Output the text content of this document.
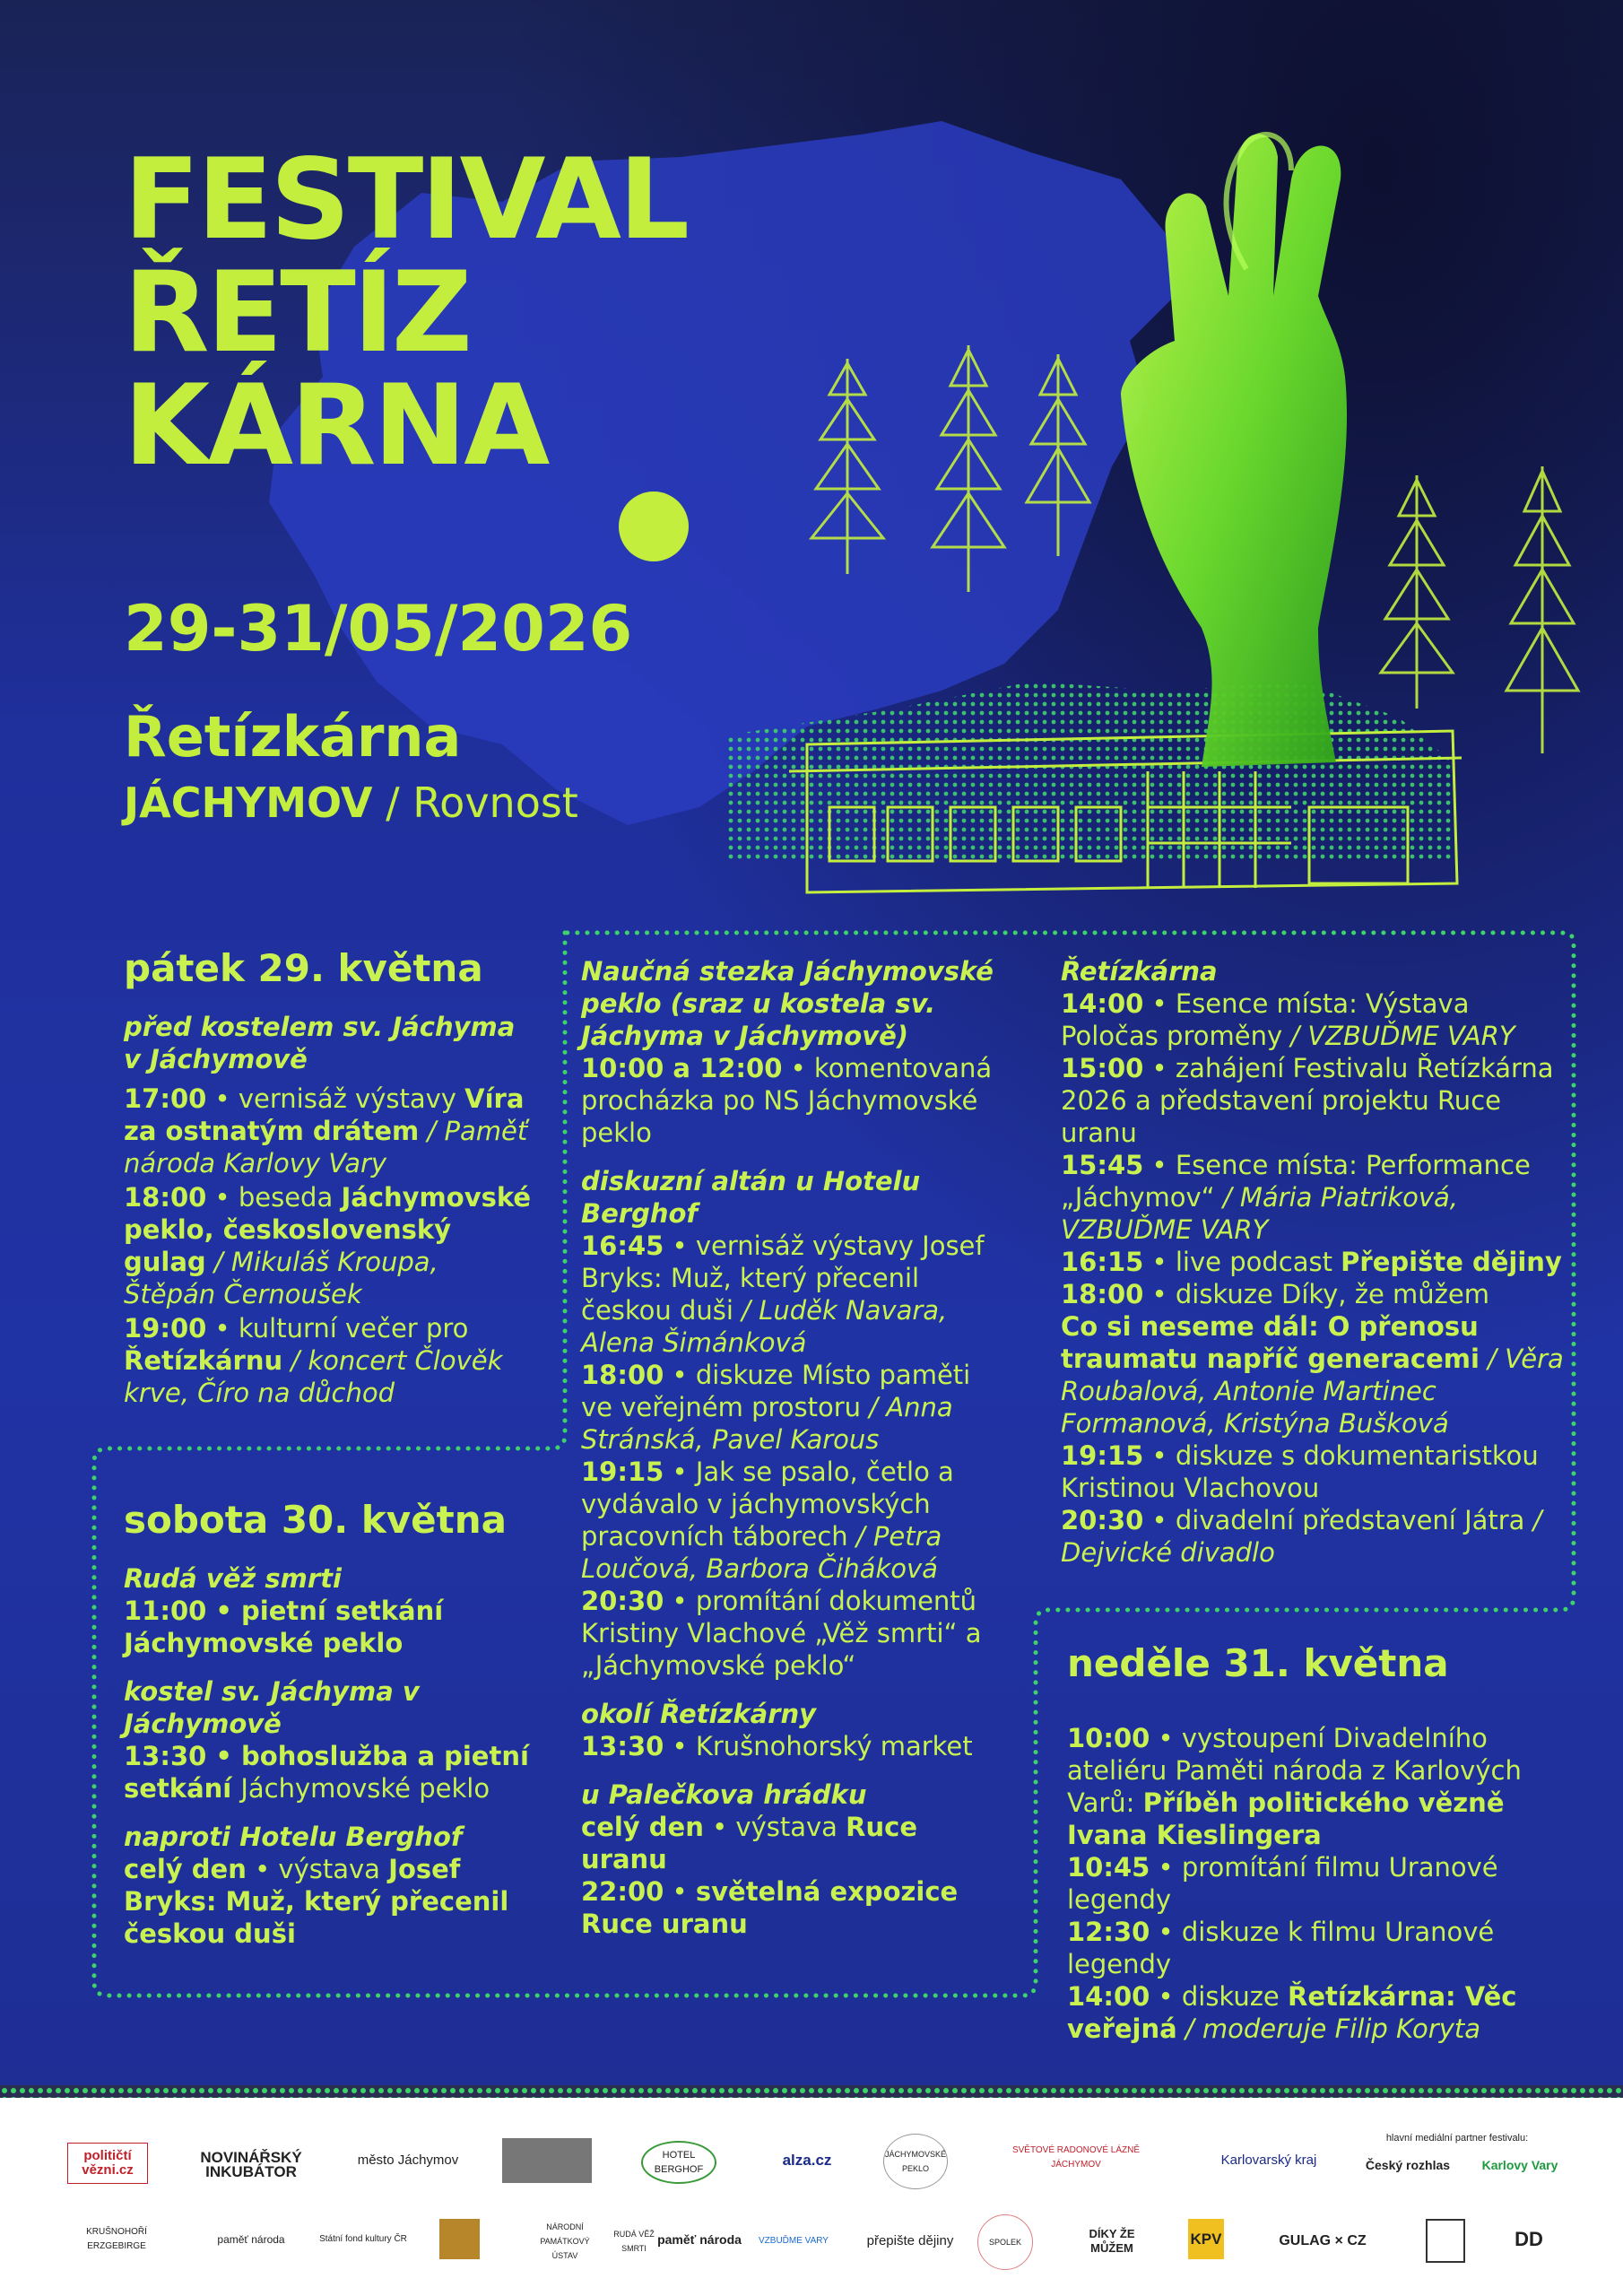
FESTIVAL
ŘETÍZ
KÁRNA
29-31/05/2026
Řetízkárna
JÁCHYMOV / Rovnost

pátek 29. května

před kostelem sv. Jáchyma v Jáchymově

17:00 • vernisáž výstavy Víra za ostnatým drátem / Paměť národa Karlovy Vary

18:00 • beseda Jáchymovské peklo, československý gulag / Mikuláš Kroupa, Štěpán Černoušek

19:00 • kulturní večer pro Řetízkárnu / koncert Člověk krve, Číro na důchod

sobota 30. května

Rudá věž smrti

11:00 • pietní setkání Jáchymovské peklo

kostel sv. Jáchyma v Jáchymově

13:30 • bohoslužba a pietní setkání Jáchymovské peklo

naproti Hotelu Berghof

celý den • výstava Josef Bryks: Muž, který přecenil českou duši

Naučná stezka Jáchymovské peklo (sraz u kostela sv. Jáchyma v Jáchymově)

10:00 a 12:00 • komentovaná procházka po NS Jáchymovské peklo

diskuzní altán u Hotelu Berghof

16:45 • vernisáž výstavy Josef Bryks: Muž, který přecenil českou duši / Luděk Navara, Alena Šimánková

18:00 • diskuze Místo paměti ve veřejném prostoru / Anna Stránská, Pavel Karous

19:15 • Jak se psalo, četlo a vydávalo v jáchymovských pracovních táborech / Petra Loučová, Barbora Čiháková

20:30 • promítání dokumentů Kristiny Vlachové „Věž smrti“ a „Jáchymovské peklo“

okolí Řetízkárny

13:30 • Krušnohorský market

u Palečkova hrádku

celý den • výstava Ruce uranu

22:00 • světelná expozice Ruce uranu

Řetízkárna

14:00 • Esence místa: Výstava Poločas proměny / VZBUĎME VARY

15:00 • zahájení Festivalu Řetízkárna 2026 a představení projektu Ruce uranu

15:45 • Esence místa: Performance „Jáchymov“ / Mária Piatriková, VZBUĎME VARY

16:15 • live podcast Přepište dějiny

18:00 • diskuze Díky, že můžem
Co si neseme dál: O přenosu traumatu napříč generacemi / Věra Roubalová, Antonie Martinec Formanová, Kristýna Bušková

19:15 • diskuze s dokumentaristkou Kristinou Vlachovou

20:30 • divadelní představení Játra / Dejvické divadlo

neděle 31. května

10:00 • vystoupení Divadelního ateliéru Paměti národa z Karlových Varů: Příběh politického vězně Ivana Kieslingera

10:45 • promítání filmu Uranové legendy

12:30 • diskuze k filmu Uranové legendy

14:00 • diskuze Řetízkárna: Věc veřejná / moderuje Filip Koryta

političtí
vězni.cz
NOVINÁŘSKÝ INKUBÁTOR
město Jáchymov	HOTEL BERGHOF
alza.cz	JÁCHYMOVSKÉ PEKLO
SVĚTOVÉ RADONOVÉ LÁZNĚ JÁCHYMOV	Karlovarský kraj
hlavní mediální partner festivalu:
Český rozhlas	Karlovy Vary
KRUŠNOHOŘÍ ERZGEBIRGE
paměť národa	Státní fond kultury ČR
NÁRODNÍ PAMÁTKOVÝ ÚSTAV
RUDÁ VĚŽ SMRTI
paměť národa	VZBUĎME VARY	přepište dějiny	SPOLEK
DÍKY ŽE MŮŽEM
KPV	GULAG × CZ	DD
